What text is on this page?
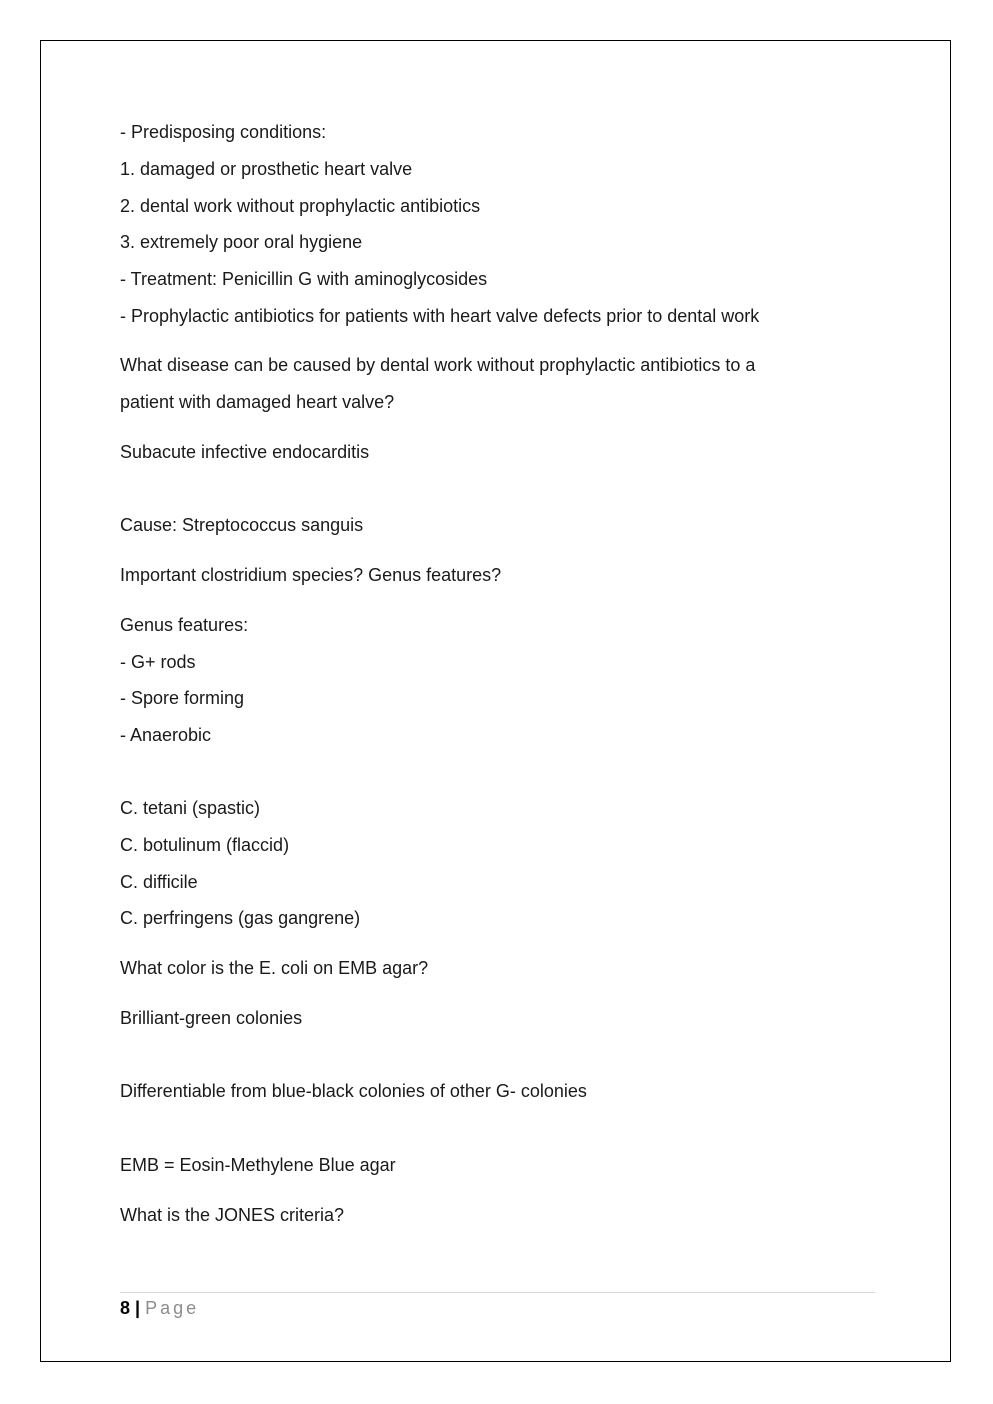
- Predisposing conditions:
1. damaged or prosthetic heart valve
2. dental work without prophylactic antibiotics
3. extremely poor oral hygiene
- Treatment: Penicillin G with aminoglycosides
- Prophylactic antibiotics for patients with heart valve defects prior to dental work
What disease can be caused by dental work without prophylactic antibiotics to a
patient with damaged heart valve?
Subacute infective endocarditis
Cause: Streptococcus sanguis
Important clostridium species? Genus features?
Genus features:
- G+ rods
- Spore forming
- Anaerobic
C. tetani (spastic)
C. botulinum (flaccid)
C. difficile
C. perfringens (gas gangrene)
What color is the E. coli on EMB agar?
Brilliant-green colonies
Differentiable from blue-black colonies of other G- colonies
EMB = Eosin-Methylene Blue agar
What is the JONES criteria?
8 | Page
